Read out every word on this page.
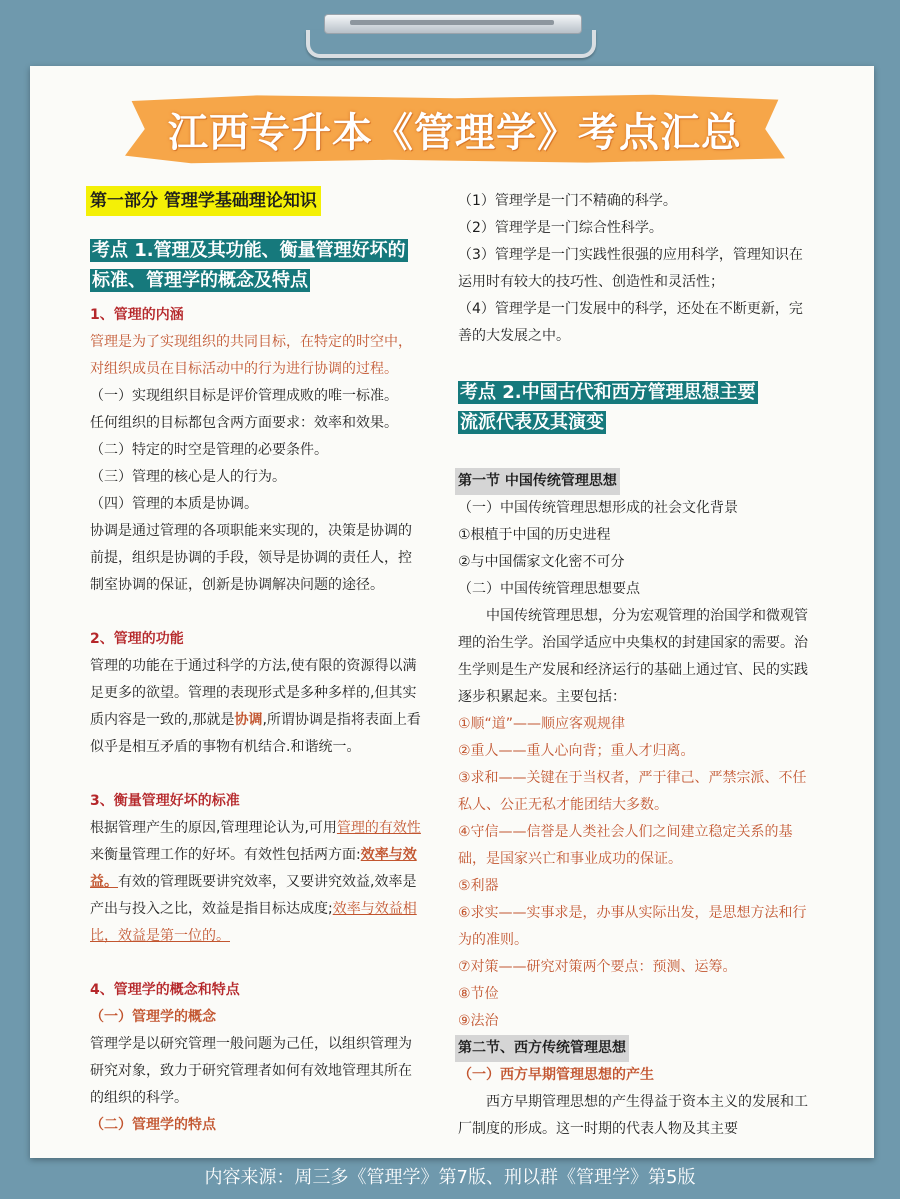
江西专升本《管理学》考点汇总
第一部分 管理学基础理论知识
考点 1.管理及其功能、衡量管理好坏的
标准、管理学的概念及特点

1、管理的内涵

管理是为了实现组织的共同目标，在特定的时空中，对组织成员在目标活动中的行为进行协调的过程。

（一）实现组织目标是评价管理成败的唯一标准。

任何组织的目标都包含两方面要求：效率和效果。

（二）特定的时空是管理的必要条件。

（三）管理的核心是人的行为。

（四）管理的本质是协调。

协调是通过管理的各项职能来实现的，决策是协调的前提，组织是协调的手段，领导是协调的责任人，控制室协调的保证，创新是协调解决问题的途径。

2、管理的功能

管理的功能在于通过科学的方法,使有限的资源得以满足更多的欲望。管理的表现形式是多种多样的,但其实质内容是一致的,那就是协调,所谓协调是指将表面上看似乎是相互矛盾的事物有机结合.和谐统一。

3、衡量管理好坏的标准

根据管理产生的原因,管理理论认为,可用管理的有效性来衡量管理工作的好坏。有效性包括两方面:效率与效益。有效的管理既要讲究效率，又要讲究效益,效率是产出与投入之比，效益是指目标达成度;效率与效益相比，效益是第一位的。

4、管理学的概念和特点

（一）管理学的概念

管理学是以研究管理一般问题为己任，以组织管理为研究对象，致力于研究管理者如何有效地管理其所在的组织的科学。

（二）管理学的特点

（1）管理学是一门不精确的科学。

（2）管理学是一门综合性科学。

（3）管理学是一门实践性很强的应用科学，管理知识在运用时有较大的技巧性、创造性和灵活性；

（4）管理学是一门发展中的科学，还处在不断更新，完善的大发展之中。

考点 2.中国古代和西方管理思想主要
流派代表及其演变

第一节 中国传统管理思想

（一）中国传统管理思想形成的社会文化背景

①根植于中国的历史进程

②与中国儒家文化密不可分

（二）中国传统管理思想要点

中国传统管理思想，分为宏观管理的治国学和微观管理的治生学。治国学适应中央集权的封建国家的需要。治生学则是生产发展和经济运行的基础上通过官、民的实践逐步积累起来。主要包括：

①顺“道”——顺应客观规律

②重人——重人心向背；重人才归离。

③求和——关键在于当权者，严于律己、严禁宗派、不任私人、公正无私才能团结大多数。

④守信——信誉是人类社会人们之间建立稳定关系的基础，是国家兴亡和事业成功的保证。

⑤利器

⑥求实——实事求是，办事从实际出发，是思想方法和行为的准则。

⑦对策——研究对策两个要点：预测、运筹。

⑧节俭

⑨法治

第二节、西方传统管理思想

（一）西方早期管理思想的产生

西方早期管理思想的产生得益于资本主义的发展和工厂制度的形成。这一时期的代表人物及其主要

内容来源：周三多《管理学》第7版、刑以群《管理学》第5版
